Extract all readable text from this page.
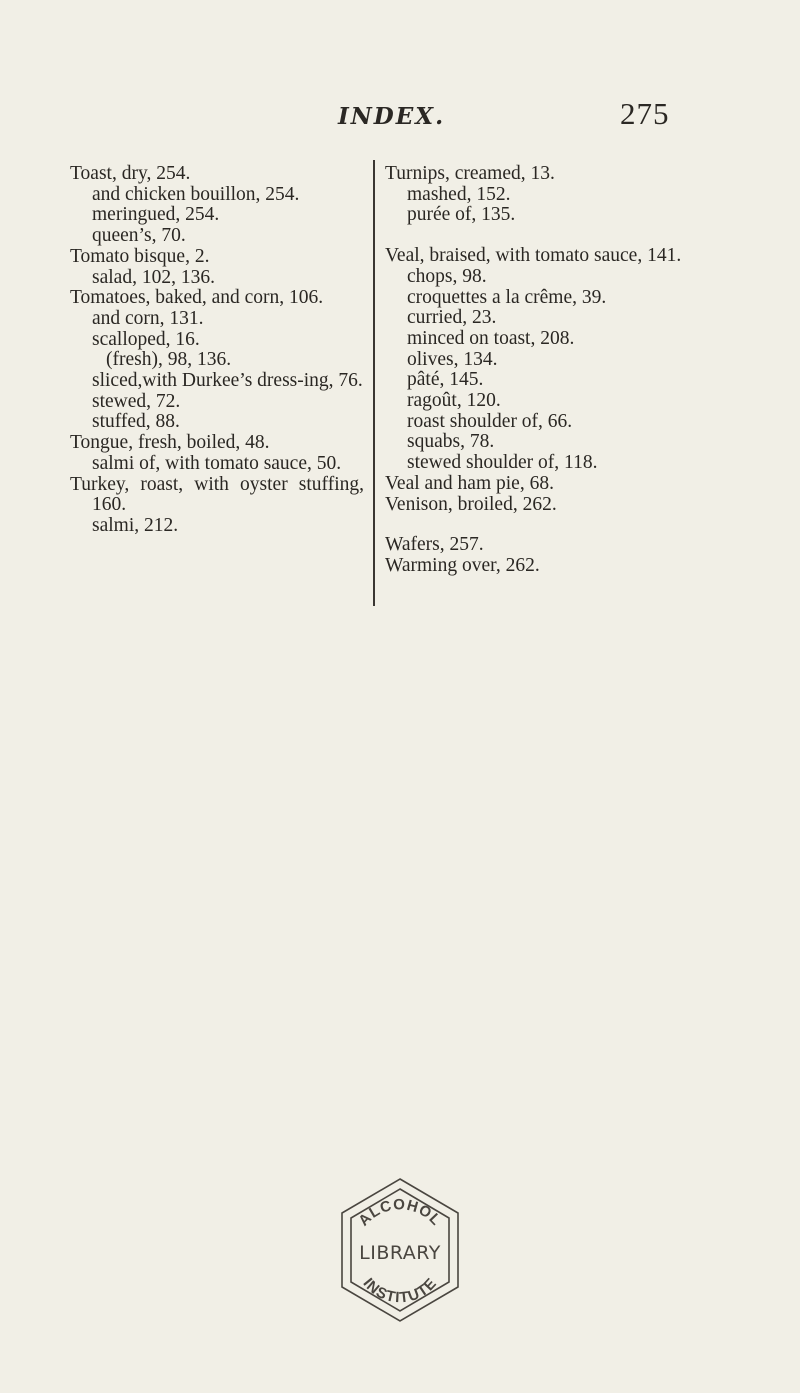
INDEX.	275

Toast, dry, 254.

and chicken bouillon, 254.

meringued, 254.

queen’s, 70.

Tomato bisque, 2.

salad, 102, 136.

Tomatoes, baked, and corn, 106.

and corn, 131.

scalloped, 16.

(fresh), 98, 136.

sliced,with Durkee’s dress-ing, 76.

stewed, 72.

stuffed, 88.

Tongue, fresh, boiled, 48.

salmi of, with tomato sauce, 50.

Turkey, roast, with oyster stuffing, 160.

salmi, 212.

Turnips, creamed, 13.

mashed, 152.

purée of, 135.

Veal, braised, with tomato sauce, 141.

chops, 98.

croquettes a la crême, 39.

curried, 23.

minced on toast, 208.

olives, 134.

pâté, 145.

ragoût, 120.

roast shoulder of, 66.

squabs, 78.

stewed shoulder of, 118.

Veal and ham pie, 68.

Venison, broiled, 262.

Wafers, 257.

Warming over, 262.

ALCOHOL
LIBRARY
INSTITUTE
